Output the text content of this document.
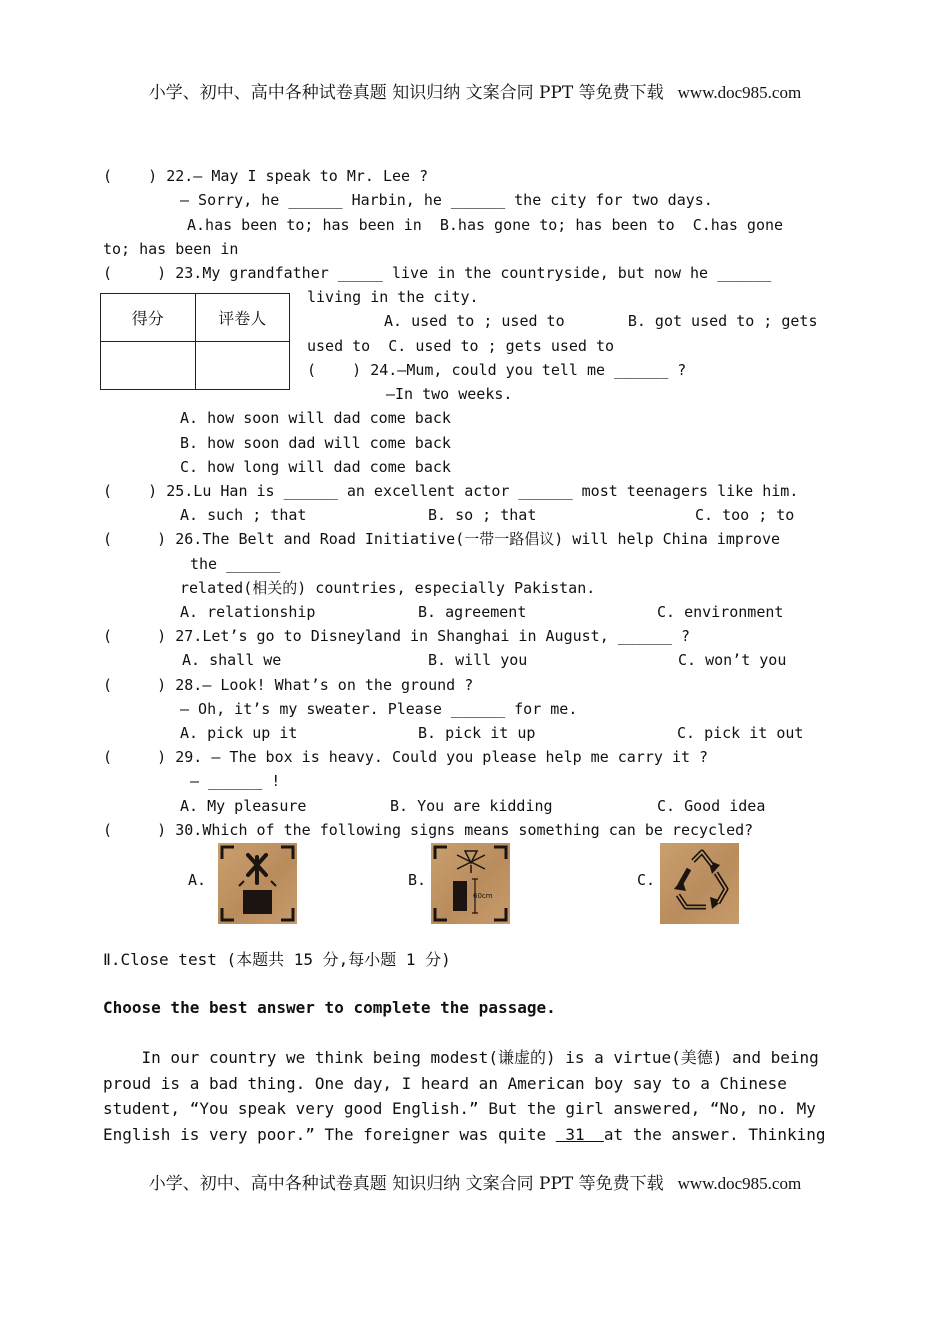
小学、初中、高中各种试卷真题 知识归纳 文案合同 PPT 等免费下载 www.doc985.com
(    ) 22.— May I speak to Mr. Lee ?
— Sorry, he ______ Harbin, he ______ the city for two days.
A.has been to; has been in  B.has gone to; has been to  C.has gone
to; has been in
(     ) 23.My grandfather _____ live in the countryside, but now he ______
living in the city.
A. used to ; used to       B. got used to ; gets
used to  C. used to ; gets used to
得分	评卷人

(    ) 24.—Mum, could you tell me ______ ?
—In two weeks.
A. how soon will dad come back
B. how soon dad will come back
C. how long will dad come back
(    ) 25.Lu Han is ______ an excellent actor ______ most teenagers like him.
A. such ; that	B. so ; that	C. too ; to
(     ) 26.The Belt and Road Initiative(一带一路倡议) will help China improve
the ______
related(相关的) countries, especially Pakistan.
A. relationship	B. agreement	C. environment
(     ) 27.Let’s go to Disneyland in Shanghai in August, ______ ?
A. shall we	B. will you	C. won’t you
(     ) 28.— Look! What’s on the ground ?
— Oh, it’s my sweater. Please ______ for me.
A. pick up it	B. pick it up	C. pick it out
(     ) 29. — The box is heavy. Could you please help me carry it ?
— ______ !
A. My pleasure	B. You are kidding	C. Good idea
(     ) 30.Which of the following signs means something can be recycled?
A.	B.	C.
60cm
Ⅱ.Close test (本题共 15 分,每小题 1 分)
Choose the best answer to complete the passage.
In our country we think being modest(谦虚的) is a virtue(美德) and being
proud is a bad thing. One day, I heard an American boy say to a Chinese
student, “You speak very good English.” But the girl answered, “No, no. My
English is very poor.” The foreigner was quite  31  at the answer. Thinking
小学、初中、高中各种试卷真题 知识归纳 文案合同 PPT 等免费下载 www.doc985.com
